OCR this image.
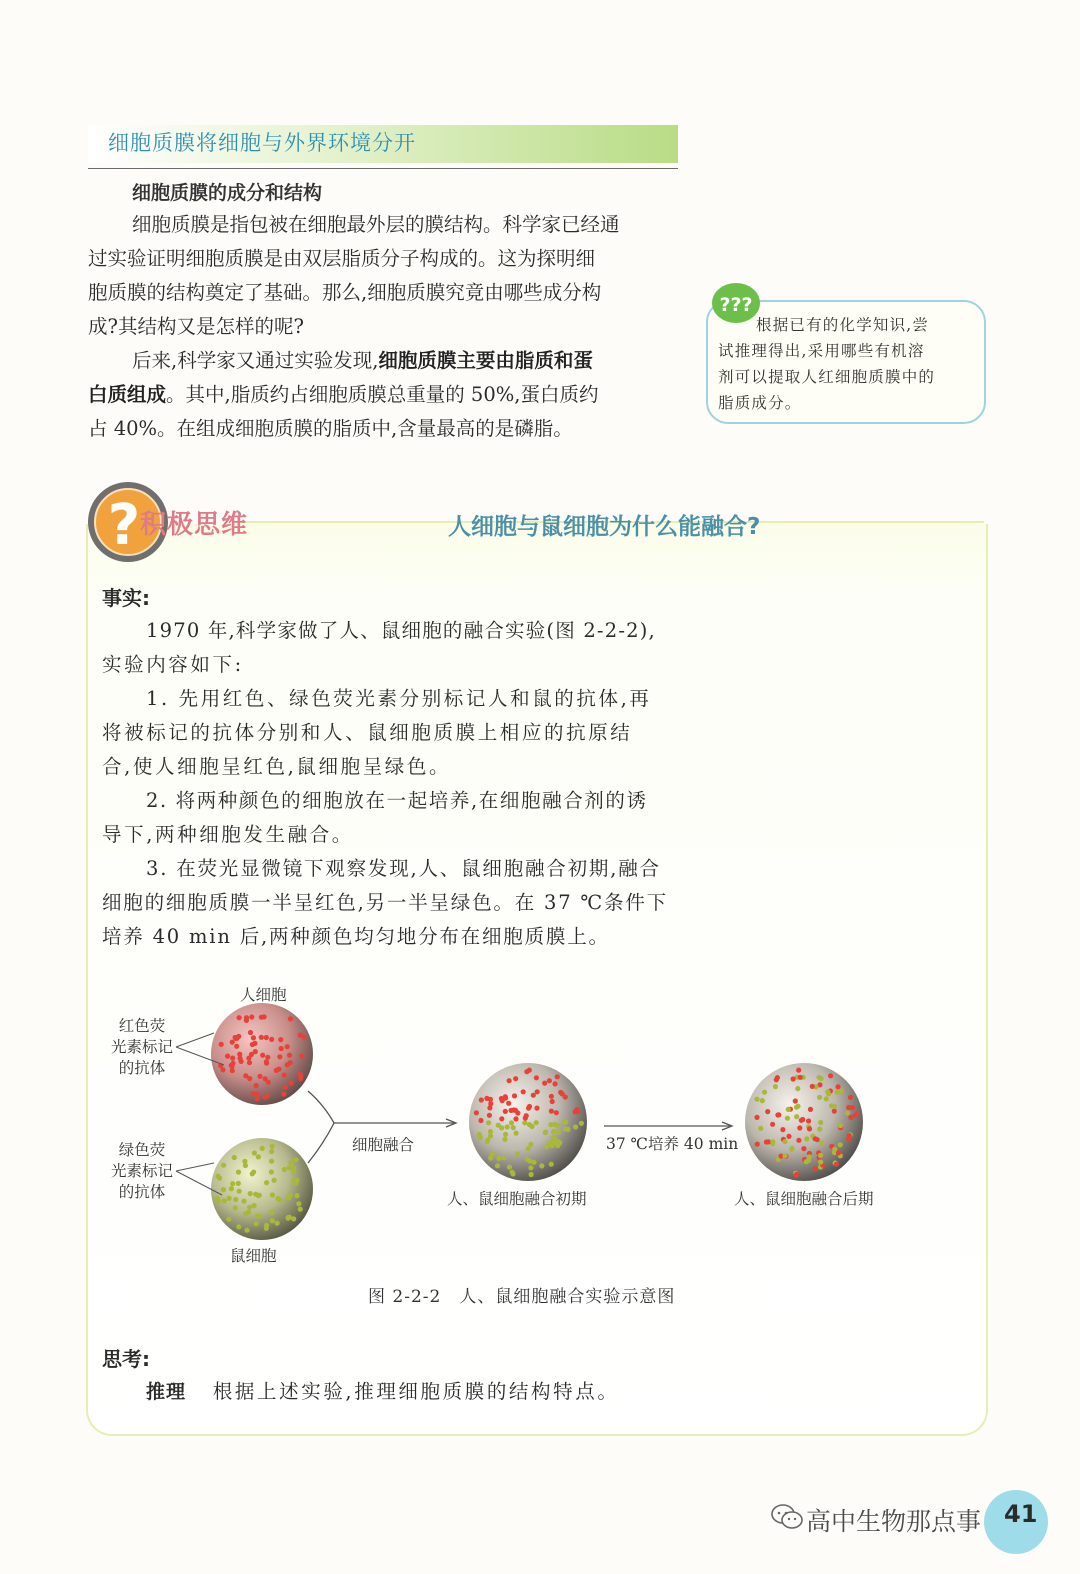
细胞质膜将细胞与外界环境分开
细胞质膜的成分和结构
细胞质膜是指包被在细胞最外层的膜结构。科学家已经通
过实验证明细胞质膜是由双层脂质分子构成的。这为探明细
胞质膜的结构奠定了基础。那么,细胞质膜究竟由哪些成分构
成?其结构又是怎样的呢?
后来,科学家又通过实验发现,细胞质膜主要由脂质和蛋
白质组成。其中,脂质约占细胞质膜总重量的 50%,蛋白质约
占 40%。在组成细胞质膜的脂质中,含量最高的是磷脂。
???
根据已有的化学知识,尝
试推理得出,采用哪些有机溶
剂可以提取人红细胞质膜中的
脂质成分。
? 积极思维	人细胞与鼠细胞为什么能融合?
事实:
1970 年,科学家做了人、鼠细胞的融合实验(图 2-2-2),
实验内容如下:
1. 先用红色、绿色荧光素分别标记人和鼠的抗体,再
将被标记的抗体分别和人、鼠细胞质膜上相应的抗原结
合,使人细胞呈红色,鼠细胞呈绿色。
2. 将两种颜色的细胞放在一起培养,在细胞融合剂的诱
导下,两种细胞发生融合。
3. 在荧光显微镜下观察发现,人、鼠细胞融合初期,融合
细胞的细胞质膜一半呈红色,另一半呈绿色。在 37 ℃条件下
培养 40 min 后,两种颜色均匀地分布在细胞质膜上。
人细胞
红色荧
光素标记
的抗体
绿色荧
光素标记
的抗体
鼠细胞
细胞融合
人、鼠细胞融合初期
37 ℃培养 40 min
人、鼠细胞融合后期
图 2-2-2　人、鼠细胞融合实验示意图
思考:
推理 根据上述实验,推理细胞质膜的结构特点。
41
高中生物那点事
